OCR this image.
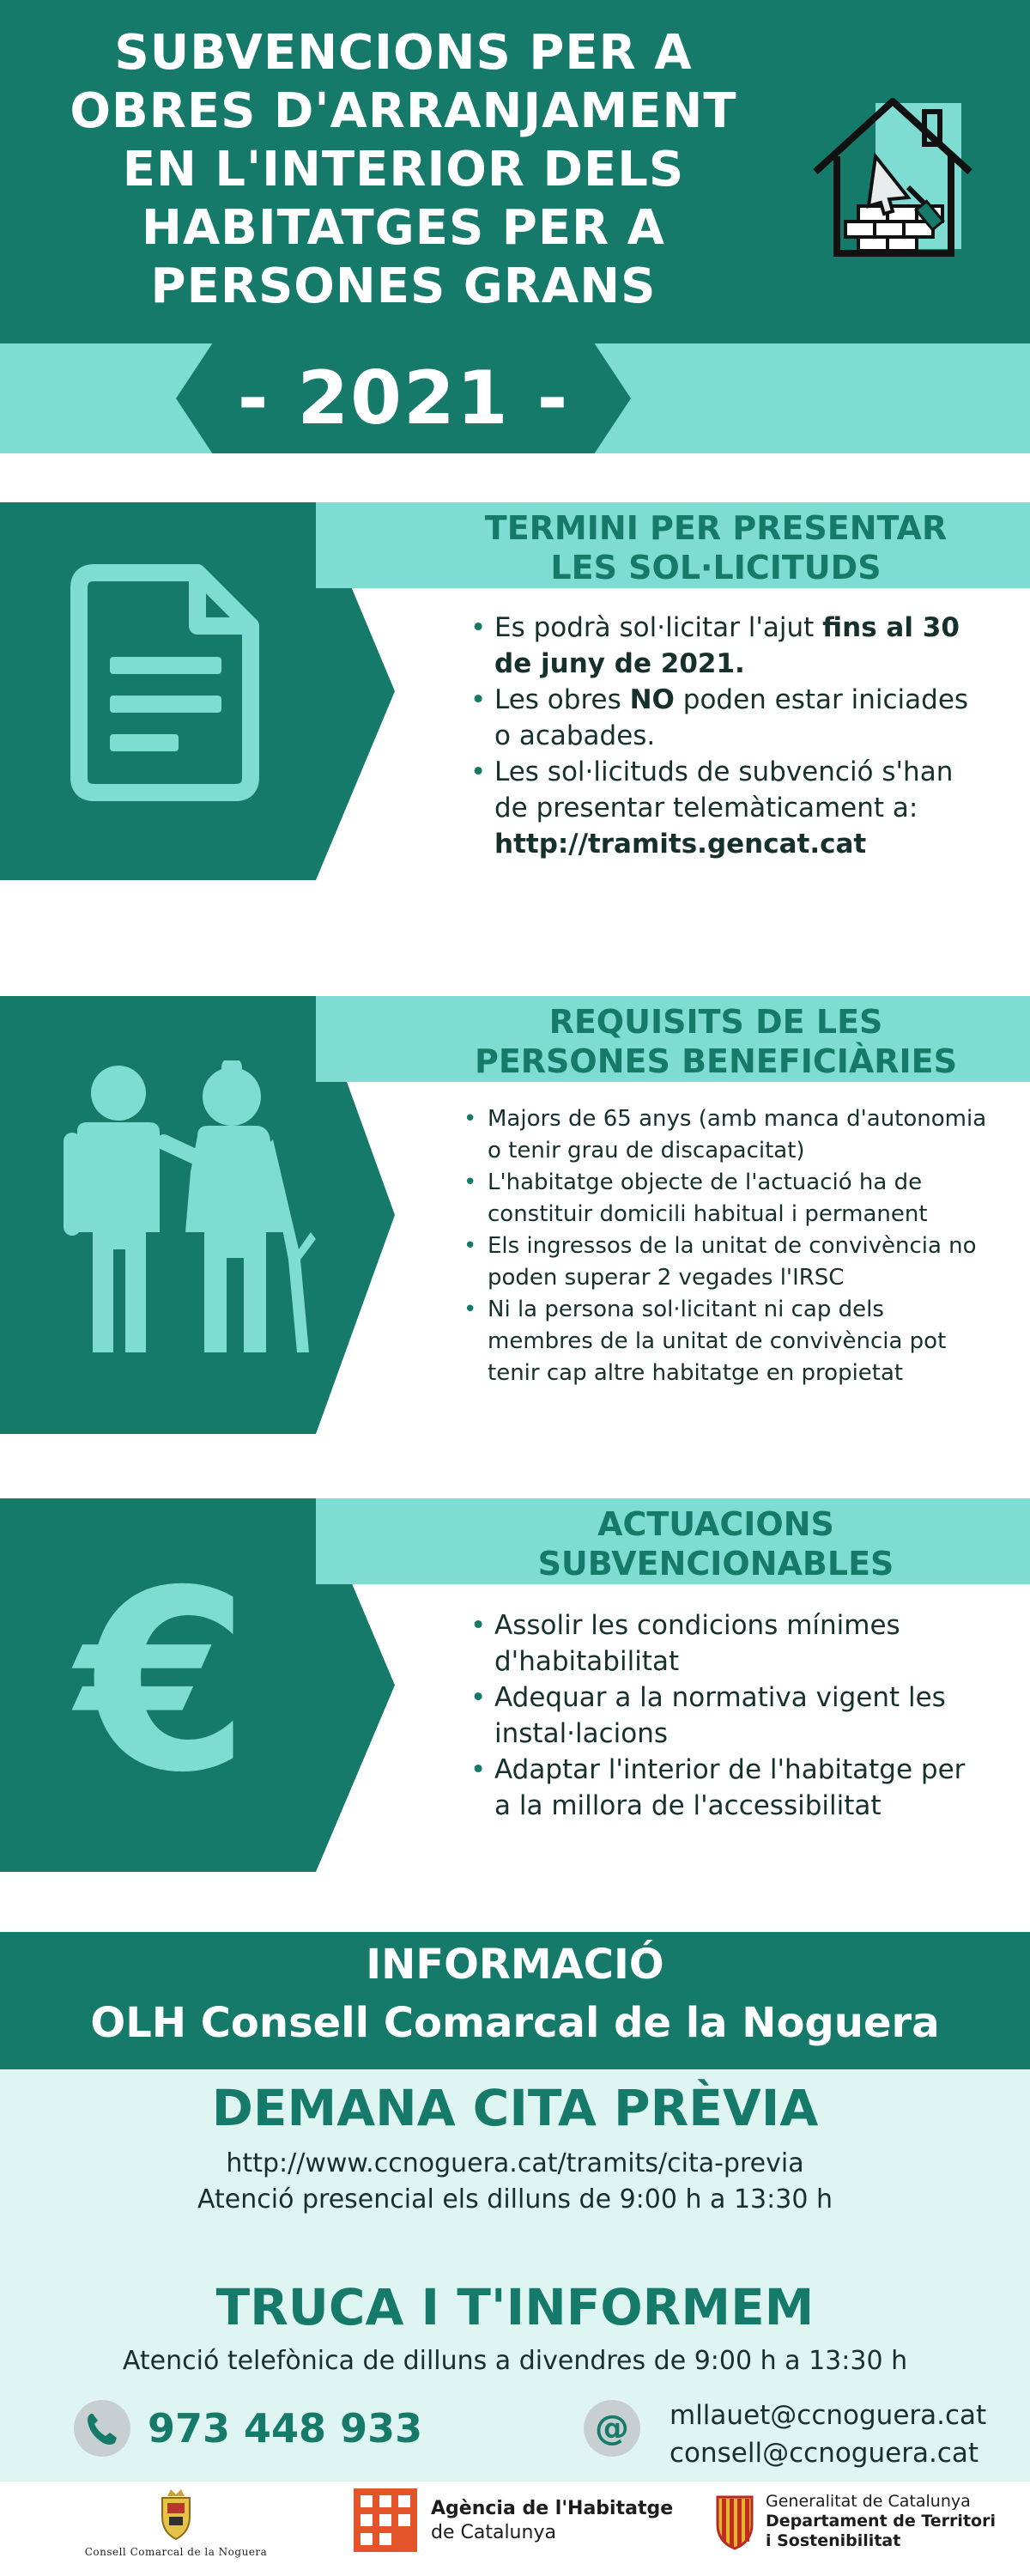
SUBVENCIONS PER A
OBRES D'ARRANJAMENT
EN L'INTERIOR DELS
HABITATGES PER A
PERSONES GRANS
- 2021 -
TERMINI PER PRESENTAR
LES SOL·LICITUDS
• Es podrà sol·licitar l'ajut fins al 30 de juny de 2021.
• Les obres NO poden estar iniciades o acabades.
• Les sol·licituds de subvenció s'han de presentar telemàticament a: http://tramits.gencat.cat
REQUISITS DE LES
PERSONES BENEFICIÀRIES
• Majors de 65 anys (amb manca d'autonomia o tenir grau de discapacitat)
• L'habitatge objecte de l'actuació ha de constituir domicili habitual i permanent
• Els ingressos de la unitat de convivència no poden superar 2 vegades l'IRSC
• Ni la persona sol·licitant ni cap dels membres de la unitat de convivència pot tenir cap altre habitatge en propietat
€
ACTUACIONS
SUBVENCIONABLES
• Assolir les condicions mínimes d'habitabilitat
• Adequar a la normativa vigent les instal·lacions
• Adaptar l'interior de l'habitatge per a la millora de l'accessibilitat
INFORMACIÓ
OLH Consell Comarcal de la Noguera
DEMANA CITA PRÈVIA
http://www.ccnoguera.cat/tramits/cita-previa
Atenció presencial els dilluns de 9:00 h a 13:30 h
TRUCA I T'INFORMEM
Atenció telefònica de dilluns a divendres de 9:00 h a 13:30 h
973 448 933	@	mllauet@ccnoguera.cat
consell@ccnoguera.cat
Consell Comarcal de la Noguera
Agència de l'Habitatge
de Catalunya
Generalitat de Catalunya
Departament de Territori
i Sostenibilitat
